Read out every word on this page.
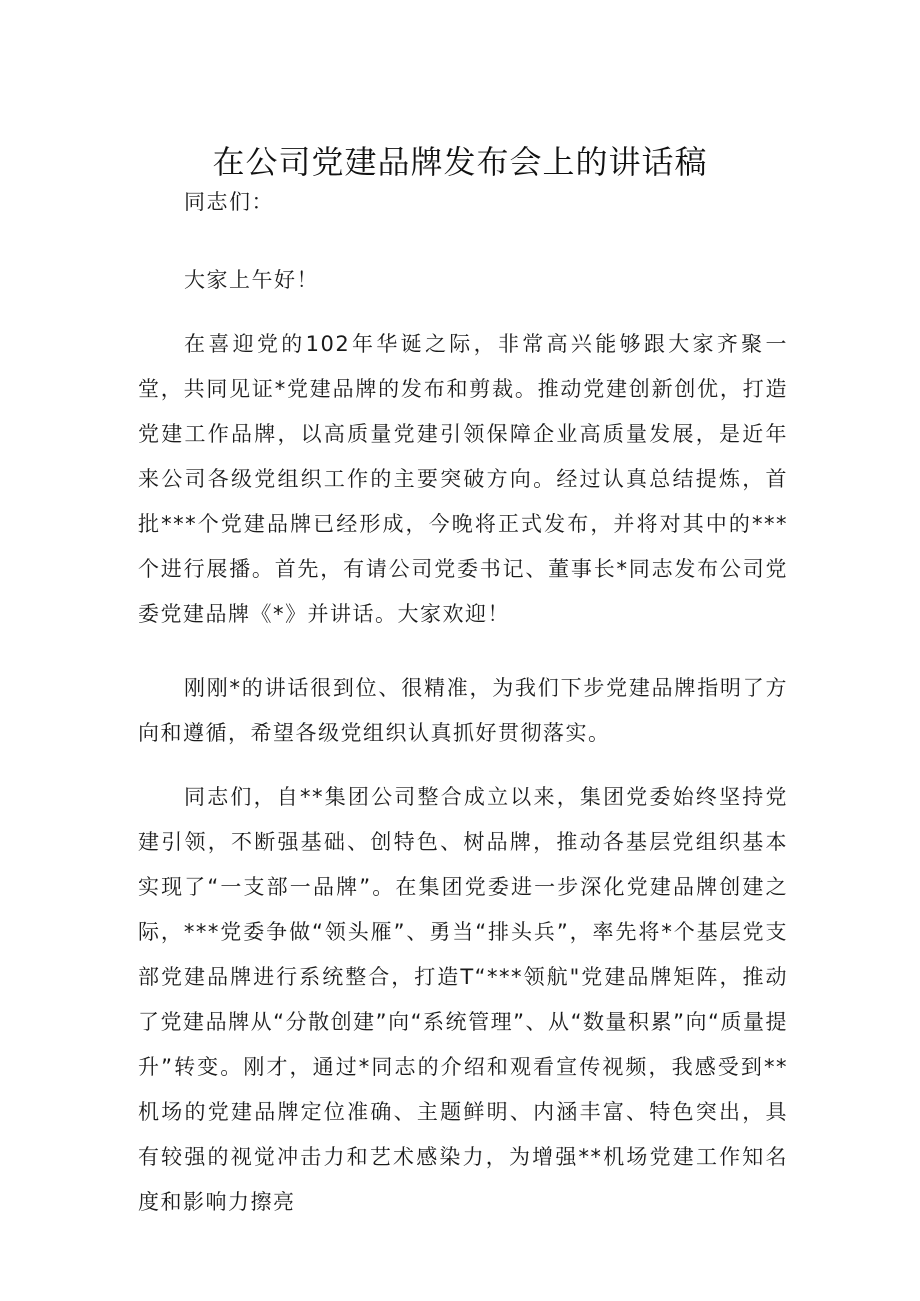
在公司党建品牌发布会上的讲话稿

同志们：

大家上午好！

在喜迎党的102年华诞之际，非常高兴能够跟大家齐聚一堂，共同见证*党建品牌的发布和剪裁。推动党建创新创优，打造党建工作品牌，以高质量党建引领保障企业高质量发展，是近年来公司各级党组织工作的主要突破方向。经过认真总结提炼，首批***个党建品牌已经形成，今晚将正式发布，并将对其中的***个进行展播。首先，有请公司党委书记、董事长*同志发布公司党委党建品牌《*》并讲话。大家欢迎！

刚刚*的讲话很到位、很精准，为我们下步党建品牌指明了方向和遵循，希望各级党组织认真抓好贯彻落实。

同志们，自**集团公司整合成立以来，集团党委始终坚持党建引领，不断强基础、创特色、树品牌，推动各基层党组织基本实现了“一支部一品牌”。在集团党委进一步深化党建品牌创建之际，***党委争做“领头雁”、勇当“排头兵”，率先将*个基层党支部党建品牌进行系统整合，打造T“***领航"党建品牌矩阵，推动了党建品牌从“分散创建”向“系统管理”、从“数量积累”向“质量提升”转变。刚才，通过*同志的介绍和观看宣传视频，我感受到**机场的党建品牌定位准确、主题鲜明、内涵丰富、特色突出，具有较强的视觉冲击力和艺术感染力，为增强**机场党建工作知名度和影响力擦亮
